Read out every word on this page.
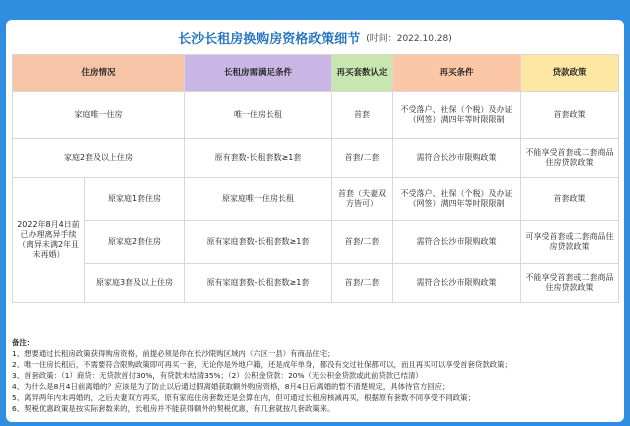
长沙长租房换购房资格政策细节 (时间：2022.10.28)
住房情况		长租房需满足条件	再买套数认定	再买条件	贷款政策
家庭唯一住房		唯一住房长租	首套	不受落户、社保（个税）及办证（网签）满四年等时限限制	首套政策
家庭2套及以上住房		原有套数-长租套数≥1套	首套/二套	需符合长沙市限购政策	不能享受首套或二套商品住房贷款政策
2022年8月4日前已办理离异手续（离异未满2年且未再婚）	原家庭1套住房	原家庭唯一住房长租	首套（夫妻双方皆可）	不受落户、社保（个税）及办证（网签）满四年等时限限制	首套政策
	原家庭2套住房	原有家庭套数-长租套数≥1套	首套/二套	需符合长沙市限购政策	可享受首套或二套商品住房贷款政策
	原家庭3套及以上住房	原有家庭套数-长租套数≥1套	首套/二套	需符合长沙市限购政策	不能享受首套或二套商品住房贷款政策
备注：
1、想要通过长租房政策获得购房资格，前提必须是你在长沙限购区域内（六区一县）有商品住宅；
2、唯一住房长租后，不需要符合限购政策即可再买一套，无论你是外地户籍，还是成年单身，都没有交过社保都可以，而且再买可以享受首套贷款政策；
3、首套政策：（1）商贷：无贷款首付30%，有贷款未结清35%；（2）公积金贷款：20%（无公积金贷款或此前贷款已结清）
4、为什么是8月4日前离婚的？应该是为了防止以后通过假离婚获取额外购房资格，8月4日后离婚的暂不清楚规定，具体待官方回应；
5、离异两年内未再婚的，之后夫妻双方再买，原有家庭住房套数还是会算在内，但可通过长租房核减再买，根据原有套数不同享受不同政策；
6、契税优惠政策是按实际套数来的，长租房并不能获得额外的契税优惠，有几套就按几套政策来。
